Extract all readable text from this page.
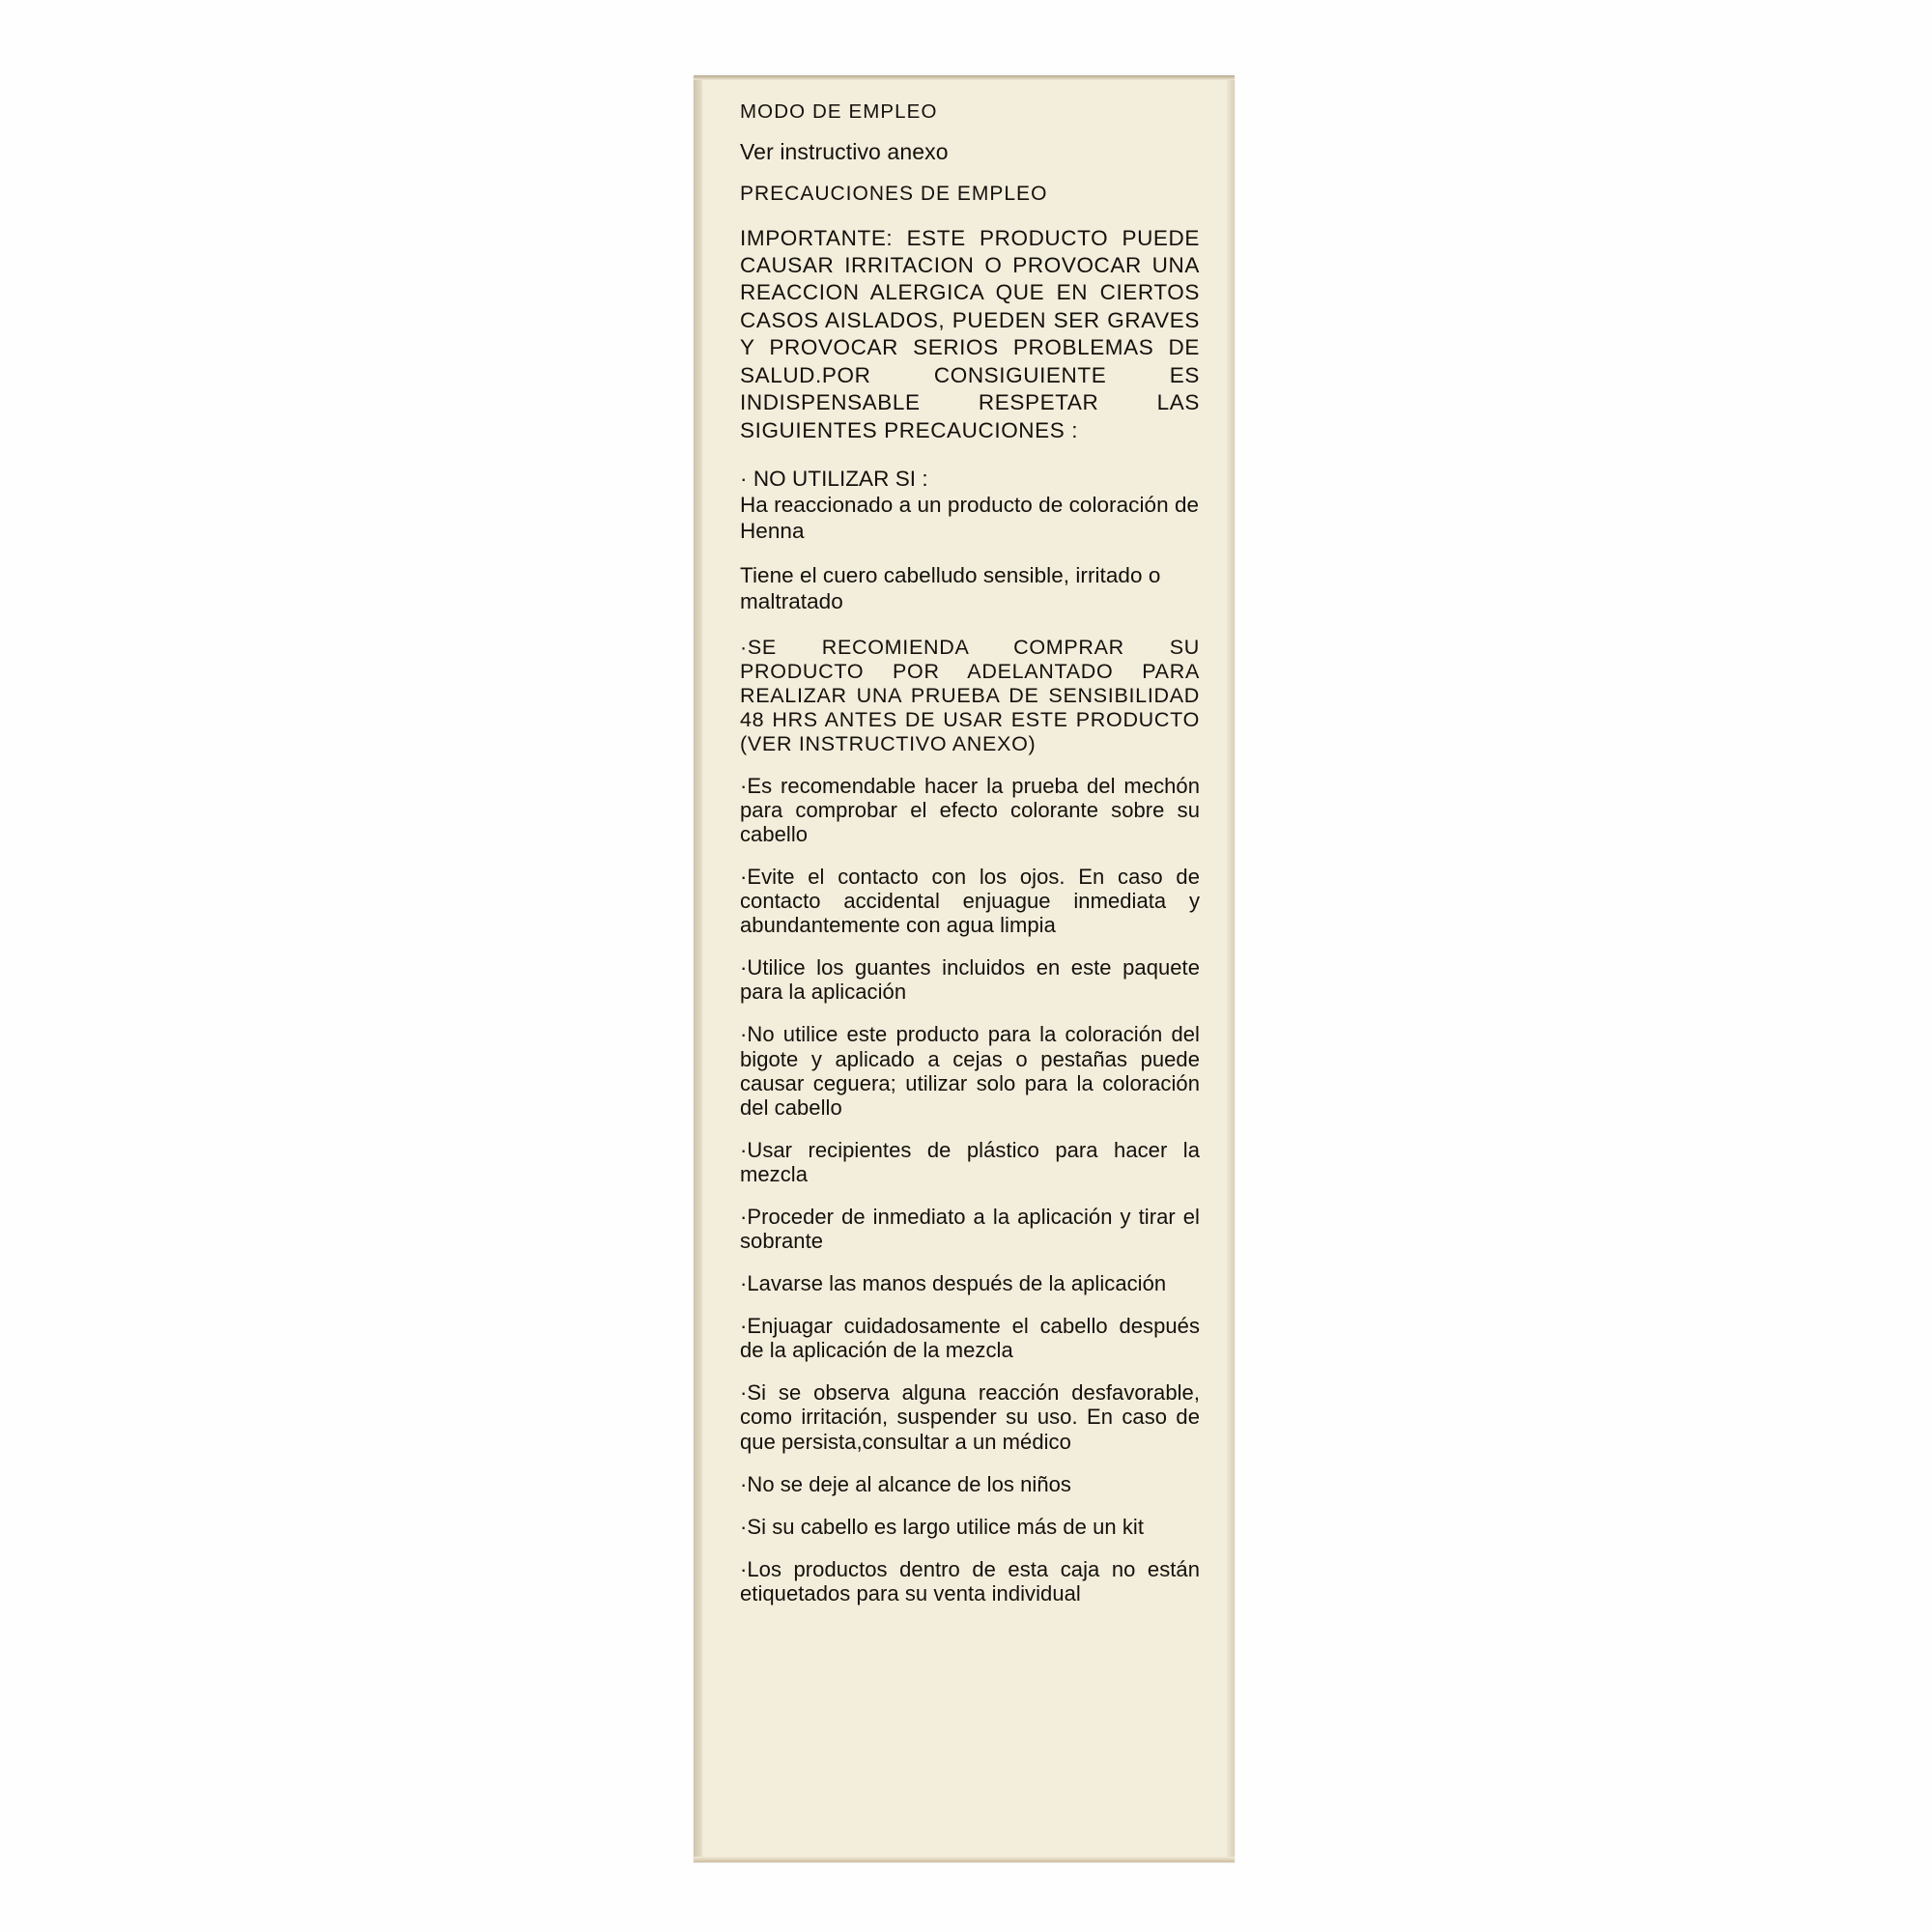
MODO DE EMPLEO
Ver instructivo anexo
PRECAUCIONES DE EMPLEO
IMPORTANTE: ESTE PRODUCTO PUEDE CAUSAR IRRITACION O PROVOCAR UNA REACCION ALERGICA QUE EN CIERTOS CASOS AISLADOS, PUEDEN SER GRAVES Y PROVOCAR SERIOS PROBLEMAS DE SALUD.POR CONSIGUIENTE ES INDISPENSABLE RESPETAR LAS SIGUIENTES PRECAUCIONES :
· NO UTILIZAR SI :
Ha reaccionado a un producto de coloración de Henna
Tiene el cuero cabelludo sensible, irritado o maltratado
·SE RECOMIENDA COMPRAR SU PRODUCTO POR ADELANTADO PARA REALIZAR UNA PRUEBA DE SENSIBILIDAD 48 HRS ANTES DE USAR ESTE PRODUCTO (VER INSTRUCTIVO ANEXO)
·Es recomendable hacer la prueba del mechón para comprobar el efecto colorante sobre su cabello
·Evite el contacto con los ojos. En caso de contacto accidental enjuague inmediata y abundantemente con agua limpia
·Utilice los guantes incluidos en este paquete para la aplicación
·No utilice este producto para la coloración del bigote y aplicado a cejas o pestañas puede causar ceguera; utilizar solo para la coloración del cabello
·Usar recipientes de plástico para hacer la mezcla
·Proceder de inmediato a la aplicación y tirar el sobrante
·Lavarse las manos después de la aplicación
·Enjuagar cuidadosamente el cabello después de la aplicación de la mezcla
·Si se observa alguna reacción desfavorable, como irritación, suspender su uso. En caso de que persista,consultar a un médico
·No se deje al alcance de los niños
·Si su cabello es largo utilice más de un kit
·Los productos dentro de esta caja no están etiquetados para su venta individual
